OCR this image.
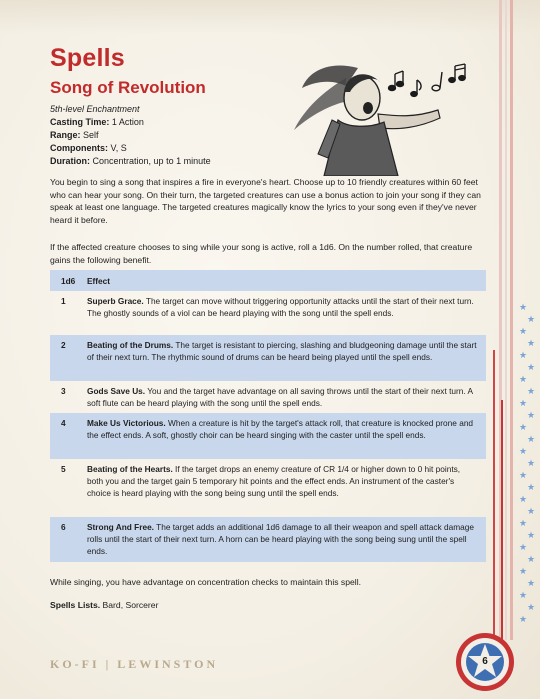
Spells
Song of Revolution
5th-level Enchantment
Casting Time: 1 Action
Range: Self
Components: V, S
Duration: Concentration, up to 1 minute

You begin to sing a song that inspires a fire in everyone's heart. Choose up to 10 friendly creatures within 60 feet who can hear your song. On their turn, the targeted creatures can use a bonus action to join your song if they can speak at least one language. The targeted creatures magically know the lyrics to your song even if they've never heard it before.

If the affected creature chooses to sing while your song is active, roll a 1d6. On the number rolled, that creature gains the following benefit.

1d6	Effect
1	Superb Grace. The target can move without triggering opportunity attacks until the start of their next turn. The ghostly sounds of a viol can be heard playing with the song until the spell ends.
2	Beating of the Drums. The target is resistant to piercing, slashing and bludgeoning damage until the start of their next turn. The rhythmic sound of drums can be heard being played until the spell ends.
3	Gods Save Us. You and the target have advantage on all saving throws until the start of their next turn. A soft flute can be heard playing with the song until the spell ends.
4	Make Us Victorious. When a creature is hit by the target's attack roll, that creature is knocked prone and the effect ends. A soft, ghostly choir can be heard singing with the caster until the spell ends.
5	Beating of the Hearts. If the target drops an enemy creature of CR 1/4 or higher down to 0 hit points, both you and the target gain 5 temporary hit points and the effect ends. An instrument of the caster's choice is heard playing with the song being sung until the spell ends.
6	Strong And Free. The target adds an additional 1d6 damage to all their weapon and spell attack damage rolls until the start of their next turn. A horn can be heard playing with the song being sung until the spell ends.

While singing, you have advantage on concentration checks to maintain this spell.

Spells Lists. Bard, Sorcerer

★
★
★
★
★
★
★
★
★
★
★
★
★
★
★
★
★
★
★
★
★
★
★
★
★
★
★
KO-FI | LEWINSTON	6
